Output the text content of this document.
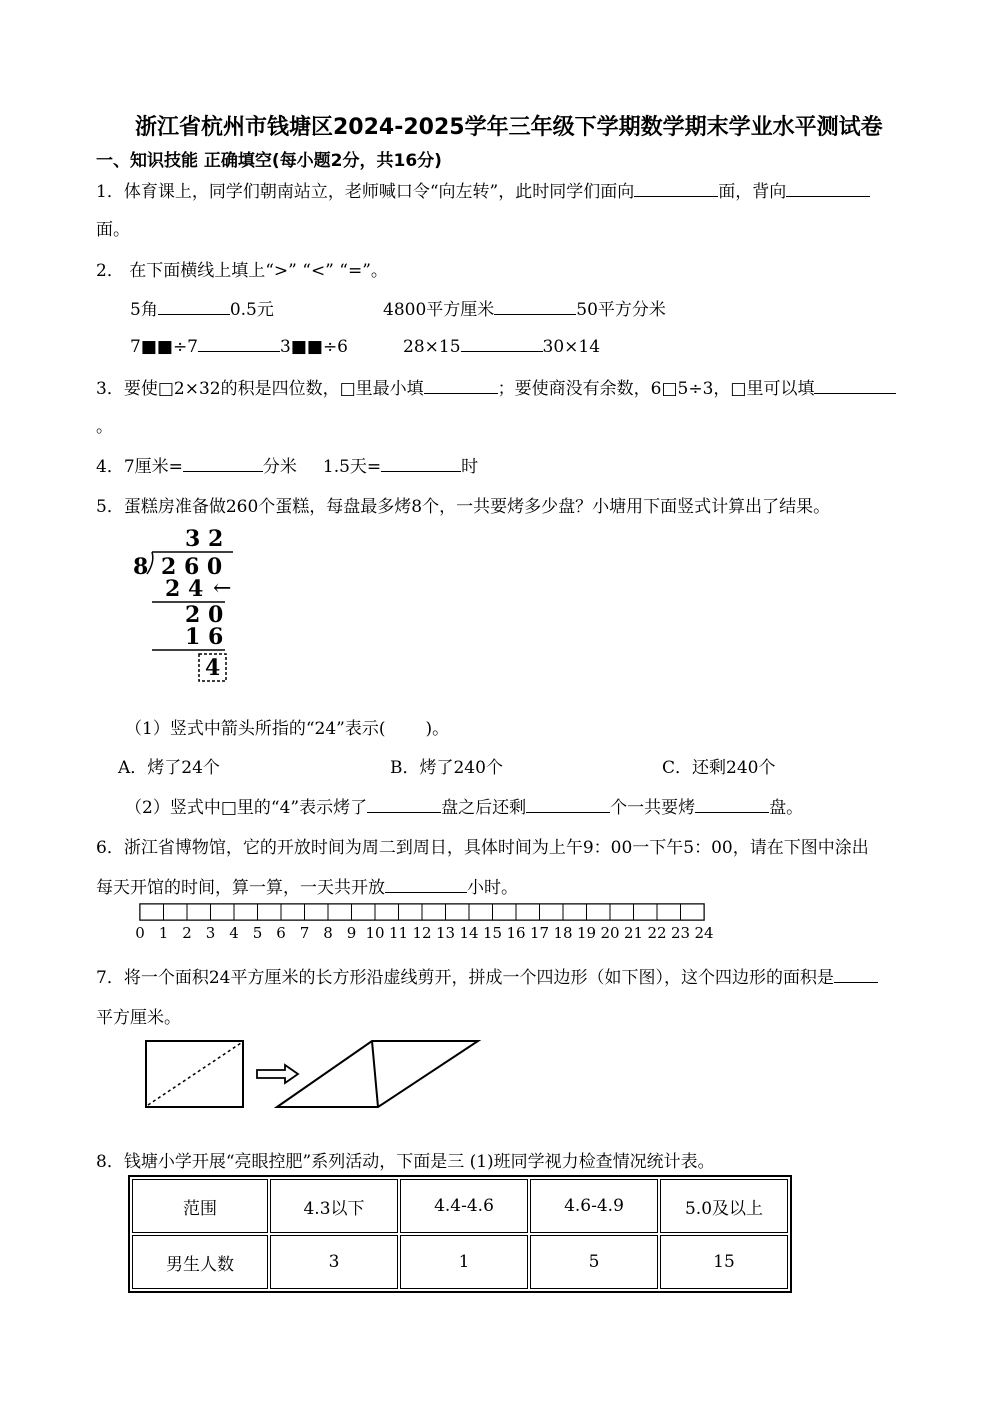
浙江省杭州市钱塘区2024-2025学年三年级下学期数学期末学业水平测试卷
一、知识技能 正确填空(每小题2分，共16分)
1．体育课上，同学们朝南站立，老师喊口令“向左转”，此时同学们面向	面，背向
面。
2． 在下面横线上填上“>” “<” “=”。
5角	0.5元	4800平方厘米	50平方分米
7■■÷7	3■■÷6	28×15	30×14
3．要使□2×32的积是四位数，□里最小填	；要使商没有余数，6□5÷3，□里可以填
。
4．7厘米=	分米 1.5天=	时
5．蛋糕房准备做260个蛋糕，每盘最多烤8个，一共要烤多少盘？小塘用下面竖式计算出了结果。
3 2
8 2 6 0
2 4 ←
2 0
1 6
4
（1）竖式中箭头所指的“24”表示( )。
A．烤了24个	B．烤了240个	C．还剩240个
（2）竖式中□里的“4”表示烤了	盘之后还剩	个一共要烤	盘。
6．浙江省博物馆，它的开放时间为周二到周日，具体时间为上午9：00一下午5：00，请在下图中涂出
每天开馆的时间，算一算，一天共开放	小时。
0 1 2 3 4 5 6 7 8 9 10 11 12 13 14 15 16 17 18 19 20 21 22 23 24
7．将一个面积24平方厘米的长方形沿虚线剪开，拼成一个四边形（如下图），这个四边形的面积是
平方厘米。
8．钱塘小学开展“亮眼控肥”系列活动，下面是三 (1)班同学视力检查情况统计表。
范围	4.3以下	4.4-4.6	4.6-4.9	5.0及以上
男生人数	3	1	5	15
